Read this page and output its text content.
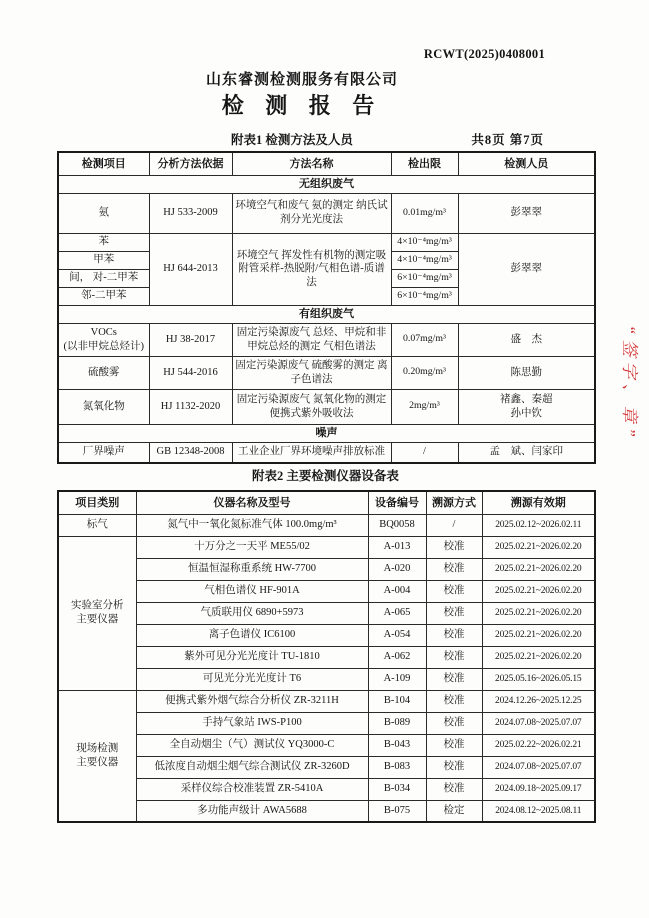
RCWT(2025)0408001
山东睿测检测服务有限公司
检 测 报 告
附表1 检测方法及人员	共8页 第7页
检测项目	分析方法依据	方法名称	检出限	检测人员
无组织废气				
氨	HJ 533-2009	环境空气和废气 氨的测定 纳氏试剂分光光度法	0.01mg/m³	彭翠翠
苯	HJ 644-2013	环境空气 挥发性有机物的测定吸附管采样-热脱附/气相色谱-质谱法	4×10⁻⁴mg/m³	彭翠翠
甲苯			4×10⁻⁴mg/m³	
间， 对-二甲苯			6×10⁻⁴mg/m³	
邻-二甲苯			6×10⁻⁴mg/m³	
有组织废气				

VOCs
(以非甲烷总烃计)	HJ 38-2017	固定污染源废气 总烃、甲烷和非甲烷总烃的测定 气相色谱法	0.07mg/m³	盛　杰
硫酸雾	HJ 544-2016	固定污染源废气 硫酸雾的测定 离子色谱法	0.20mg/m³	陈思勤
氮氧化物	HJ 1132-2020	固定污染源废气 氮氧化物的测定 便携式紫外吸收法	2mg/m³	褚鑫、秦超
孙中钦

噪声				
厂界噪声	GB 12348-2008	工业企业厂界环境噪声排放标准	/	孟　斌、闫家印
附表2 主要检测仪器设备表
项目类别	仪器名称及型号	设备编号	溯源方式	溯源有效期
标气	氮气中一氧化氮标准气体 100.0mg/m³	BQ0058	/	2025.02.12~2026.02.11

实验室分析
主要仪器	十万分之一天平 ME55/02	A-013	校准	2025.02.21~2026.02.20
	恒温恒湿称重系统 HW-7700	A-020	校准	2025.02.21~2026.02.20
	气相色谱仪 HF-901A	A-004	校准	2025.02.21~2026.02.20
	气质联用仪 6890+5973	A-065	校准	2025.02.21~2026.02.20
	离子色谱仪 IC6100	A-054	校准	2025.02.21~2026.02.20
	紫外可见分光光度计 TU-1810	A-062	校准	2025.02.21~2026.02.20
	可见光分光光度计 T6	A-109	校准	2025.05.16~2026.05.15

现场检测
主要仪器	便携式紫外烟气综合分析仪 ZR-3211H	B-104	校准	2024.12.26~2025.12.25
	手持气象站 IWS-P100	B-089	校准	2024.07.08~2025.07.07
	全自动烟尘（气）测试仪 YQ3000-C	B-043	校准	2025.02.22~2026.02.21
	低浓度自动烟尘烟气综合测试仪 ZR-3260D	B-083	校准	2024.07.08~2025.07.07
	采样仪综合校准装置 ZR-5410A	B-034	校准	2024.09.18~2025.09.17
	多功能声级计 AWA5688	B-075	检定	2024.08.12~2025.08.11
“签字、章”
